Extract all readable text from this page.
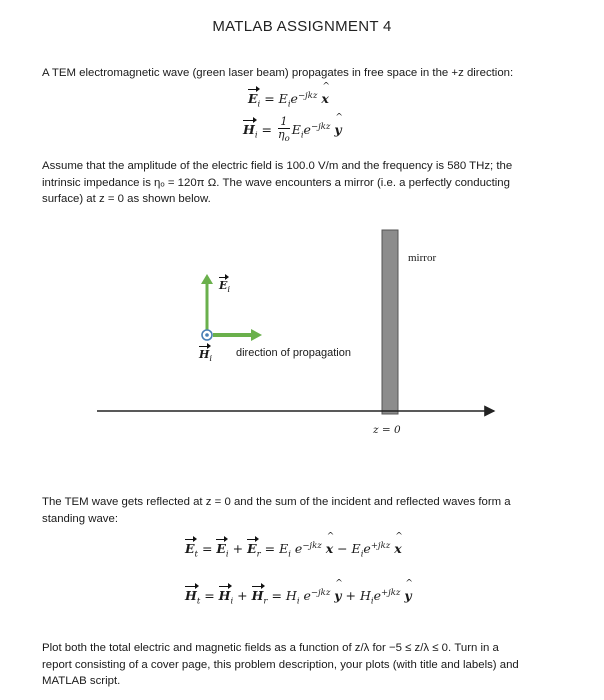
MATLAB ASSIGNMENT 4
A TEM electromagnetic wave (green laser beam) propagates in free space in the +z direction:
$E_i = E_ie^{-jkz}$ ^ x
$H_i = \frac{1}{\eta_o} E_ie^{-jkz}$ ^ y
Assume that the amplitude of the electric field is 100.0 V/m and the frequency is 580 THz; the
intrinsic impedance is ηₒ = 120π Ω. The wave encounters a mirror (i.e. a perfectly conducting
surface) at z = 0 as shown below.
mirror
$E_i$
$H_i$
direction of propagation
z = 0
The TEM wave gets reflected at z = 0 and the sum of the incident and reflected waves form a
standing wave:
$E_t = E_i + E_r = E_i$ $e^{-jkz}$ ^ $x - E_ie^{+jkz}$ ^ x
$H_t = H_i + H_r = H_i$ $e^{-jkz}$ ^ $y + H_ie^{+jkz}$ ^ y
Plot both the total electric and magnetic fields as a function of z/λ for −5 ≤ z/λ ≤ 0. Turn in a
report consisting of a cover page, this problem description, your plots (with title and labels) and
MATLAB script.
